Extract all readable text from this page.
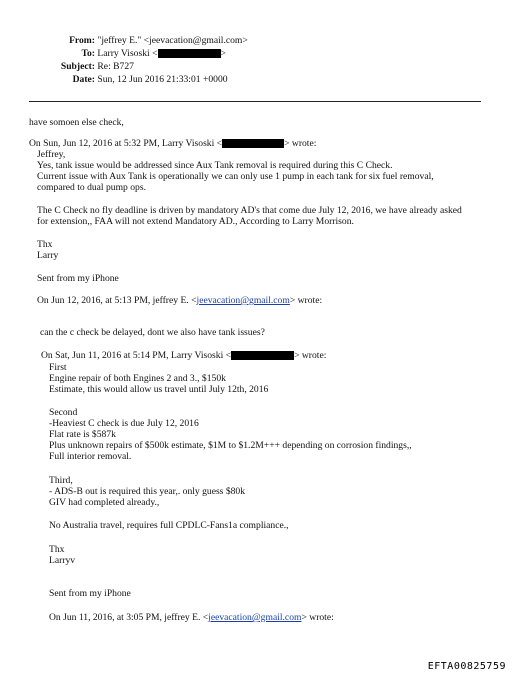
From: "jeffrey E." <jeevacation@gmail.com>
To: Larry Visoski <	>
Subject: Re: B727
Date: Sun, 12 Jun 2016 21:33:01 +0000
have somoen else check,
On Sun, Jun 12, 2016 at 5:32 PM, Larry Visoski <	> wrote:
Jeffrey,
Yes, tank issue would be addressed since Aux Tank removal is required during this C Check.
Current issue with Aux Tank is operationally we can only use 1 pump in each tank for six fuel removal,
compared to dual pump ops.
The C Check no fly deadline is driven by mandatory AD's that come due July 12, 2016, we have already asked
for extension,, FAA will not extend Mandatory AD., According to Larry Morrison.
Thx
Larry
Sent from my iPhone
On Jun 12, 2016, at 5:13 PM, jeffrey E. <jeevacation@gmail.com> wrote:
can the c check be delayed, dont we also have tank issues?
On Sat, Jun 11, 2016 at 5:14 PM, Larry Visoski <	> wrote:
First
Engine repair of both Engines 2 and 3., $150k
Estimate, this would allow us travel until July 12th, 2016
Second
-Heaviest C check is due July 12, 2016
Flat rate is $587k
Plus unknown repairs of $500k estimate, $1M to $1.2M+++ depending on corrosion findings,,
Full interior removal.
Third,
- ADS-B out is required this year,. only guess $80k
GIV had completed already.,
No Australia travel, requires full CPDLC-Fans1a compliance.,
Thx
Larryv
Sent from my iPhone
On Jun 11, 2016, at 3:05 PM, jeffrey E. <jeevacation@gmail.com> wrote:
EFTA00825759
